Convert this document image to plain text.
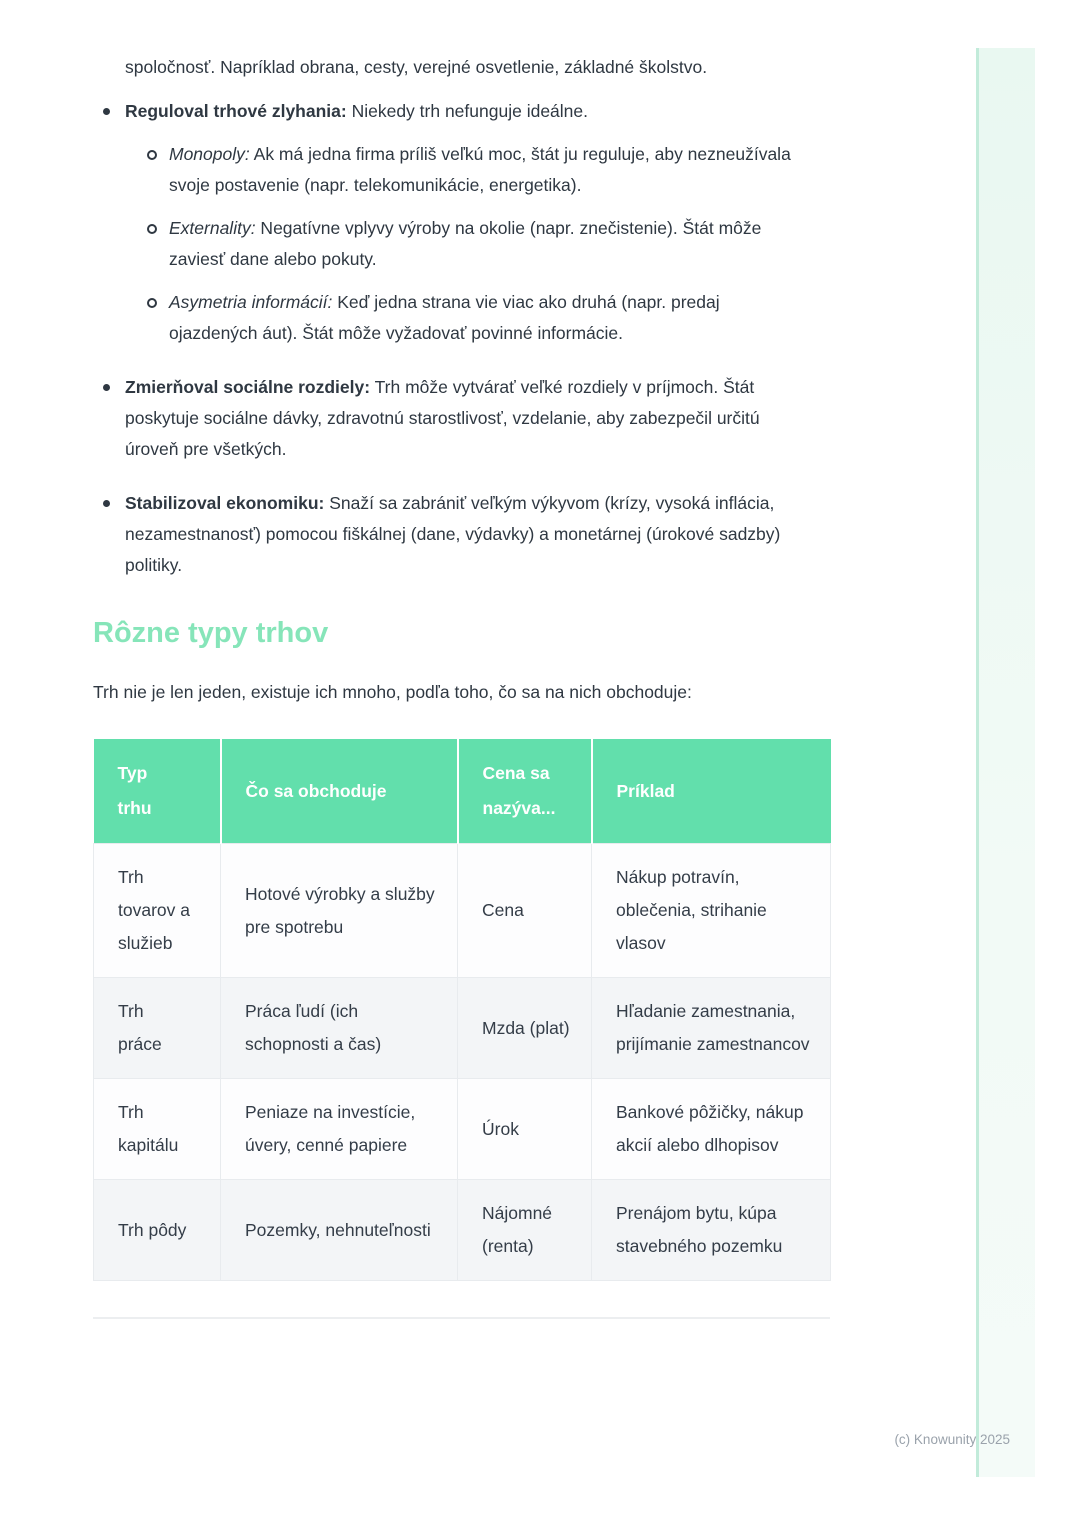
spoločnosť. Napríklad obrana, cesty, verejné osvetlenie, základné školstvo.

Reguloval trhové zlyhania: Niekedy trh nefunguje ideálne.

Monopoly: Ak má jedna firma príliš veľkú moc, štát ju reguluje, aby nezneužívala svoje postavenie (napr. telekomunikácie, energetika).

Externality: Negatívne vplyvy výroby na okolie (napr. znečistenie). Štát môže zaviesť dane alebo pokuty.

Asymetria informácií: Keď jedna strana vie viac ako druhá (napr. predaj ojazdených áut). Štát môže vyžadovať povinné informácie.

Zmierňoval sociálne rozdiely: Trh môže vytvárať veľké rozdiely v príjmoch. Štát poskytuje sociálne dávky, zdravotnú starostlivosť, vzdelanie, aby zabezpečil určitú úroveň pre všetkých.

Stabilizoval ekonomiku: Snaží sa zabrániť veľkým výkyvom (krízy, vysoká inflácia, nezamestnanosť) pomocou fiškálnej (dane, výdavky) a monetárnej (úrokové sadzby) politiky.

Rôzne typy trhov

Trh nie je len jeden, existuje ich mnoho, podľa toho, čo sa na nich obchoduje:

Typ trhu	Čo sa obchoduje	Cena sa nazýva...	Príklad
Trh tovarov a služieb	Hotové výrobky a služby pre spotrebu	Cena	Nákup potravín, oblečenia, strihanie vlasov
Trh práce	Práca ľudí (ich schopnosti a čas)	Mzda (plat)	Hľadanie zamestnania, prijímanie zamestnancov
Trh kapitálu	Peniaze na investície, úvery, cenné papiere	Úrok	Bankové pôžičky, nákup akcií alebo dlhopisov
Trh pôdy	Pozemky, nehnuteľnosti	Nájomné (renta)	Prenájom bytu, kúpa stavebného pozemku
(c) Knowunity 2025
